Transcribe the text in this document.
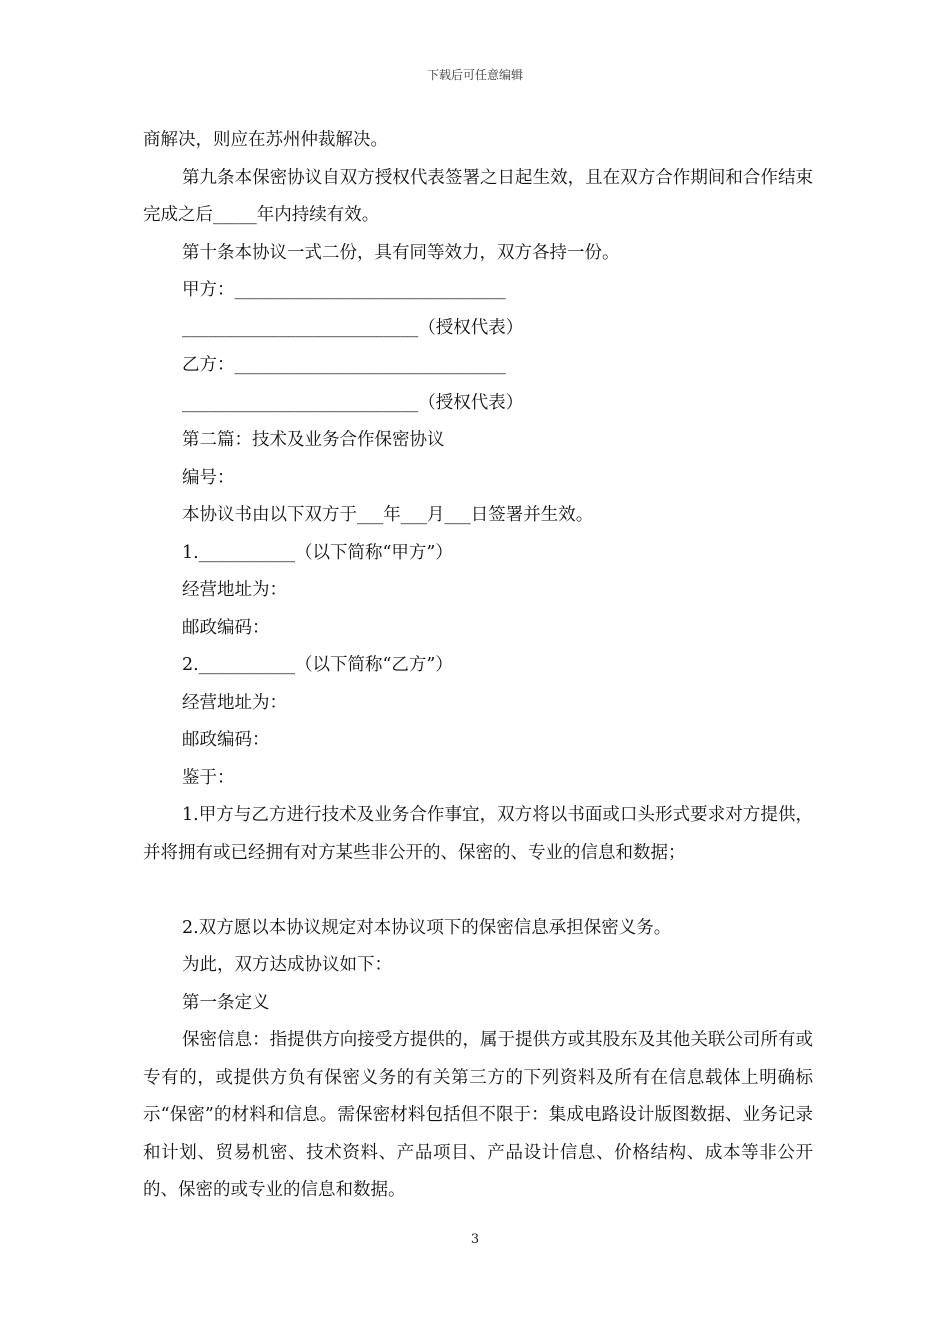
下载后可任意编辑

商解决，则应在苏州仲裁解决。

第九条本保密协议自双方授权代表签署之日起生效，且在双方合作期间和合作结束完成之后_____年内持续有效。

第十条本协议一式二份，具有同等效力，双方各持一份。

甲方：_______________________________

___________________________（授权代表）

乙方：_______________________________

___________________________（授权代表）

第二篇：技术及业务合作保密协议

编号：

本协议书由以下双方于___年___月___日签署并生效。

1.___________（以下简称“甲方”）

经营地址为：

邮政编码：

2.___________（以下简称“乙方”）

经营地址为：

邮政编码：

鉴于：

1.甲方与乙方进行技术及业务合作事宜，双方将以书面或口头形式要求对方提供，并将拥有或已经拥有对方某些非公开的、保密的、专业的信息和数据；

2.双方愿以本协议规定对本协议项下的保密信息承担保密义务。

为此，双方达成协议如下：

第一条定义

保密信息：指提供方向接受方提供的，属于提供方或其股东及其他关联公司所有或专有的，或提供方负有保密义务的有关第三方的下列资料及所有在信息载体上明确标示“保密”的材料和信息。需保密材料包括但不限于：集成电路设计版图数据、业务记录和计划、贸易机密、技术资料、产品项目、产品设计信息、价格结构、成本等非公开的、保密的或专业的信息和数据。

3
